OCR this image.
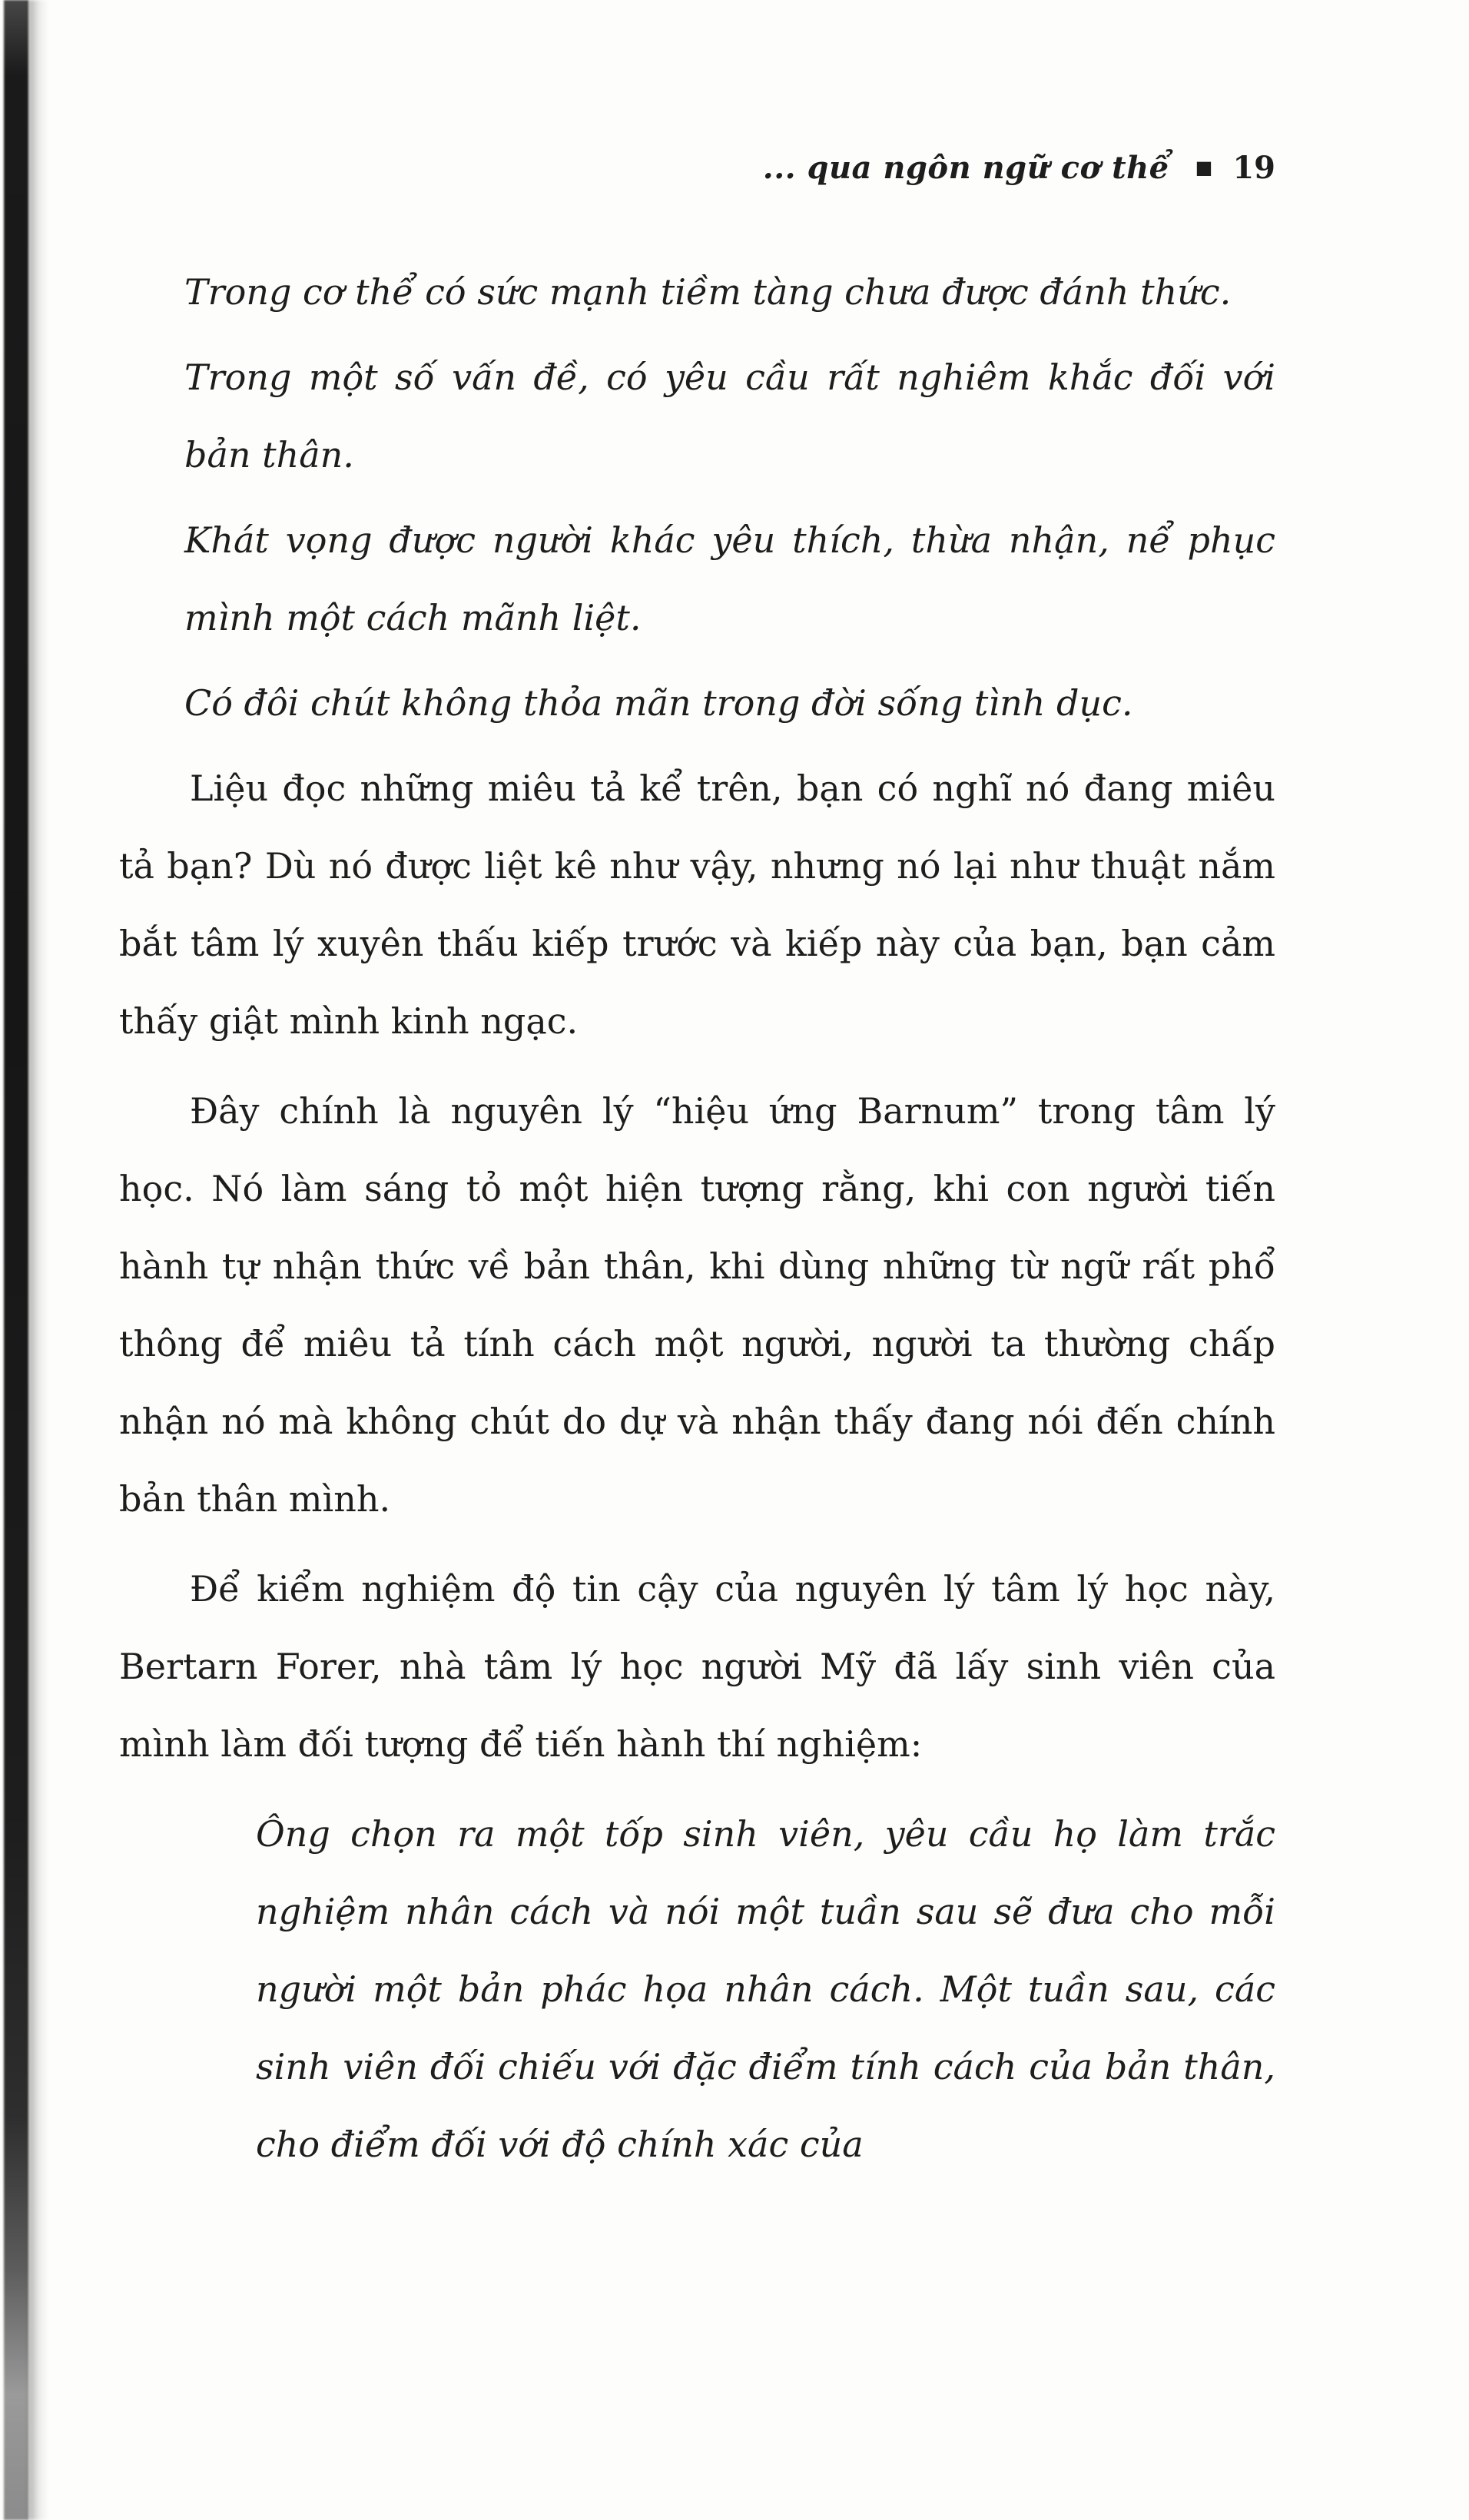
... qua ngôn ngữ cơ thể ■ 19

Trong cơ thể có sức mạnh tiềm tàng chưa được đánh thức.

Trong một số vấn đề, có yêu cầu rất nghiêm khắc đối với bản thân.

Khát vọng được người khác yêu thích, thừa nhận, nể phục mình một cách mãnh liệt.

Có đôi chút không thỏa mãn trong đời sống tình dục.

Liệu đọc những miêu tả kể trên, bạn có nghĩ nó đang miêu tả bạn? Dù nó được liệt kê như vậy, nhưng nó lại như thuật nắm bắt tâm lý xuyên thấu kiếp trước và kiếp này của bạn, bạn cảm thấy giật mình kinh ngạc.

Đây chính là nguyên lý “hiệu ứng Barnum” trong tâm lý học. Nó làm sáng tỏ một hiện tượng rằng, khi con người tiến hành tự nhận thức về bản thân, khi dùng những từ ngữ rất phổ thông để miêu tả tính cách một người, người ta thường chấp nhận nó mà không chút do dự và nhận thấy đang nói đến chính bản thân mình.

Để kiểm nghiệm độ tin cậy của nguyên lý tâm lý học này, Bertarn Forer, nhà tâm lý học người Mỹ đã lấy sinh viên của mình làm đối tượng để tiến hành thí nghiệm:

Ông chọn ra một tốp sinh viên, yêu cầu họ làm trắc nghiệm nhân cách và nói một tuần sau sẽ đưa cho mỗi người một bản phác họa nhân cách. Một tuần sau, các sinh viên đối chiếu với đặc điểm tính cách của bản thân, cho điểm đối với độ chính xác của
